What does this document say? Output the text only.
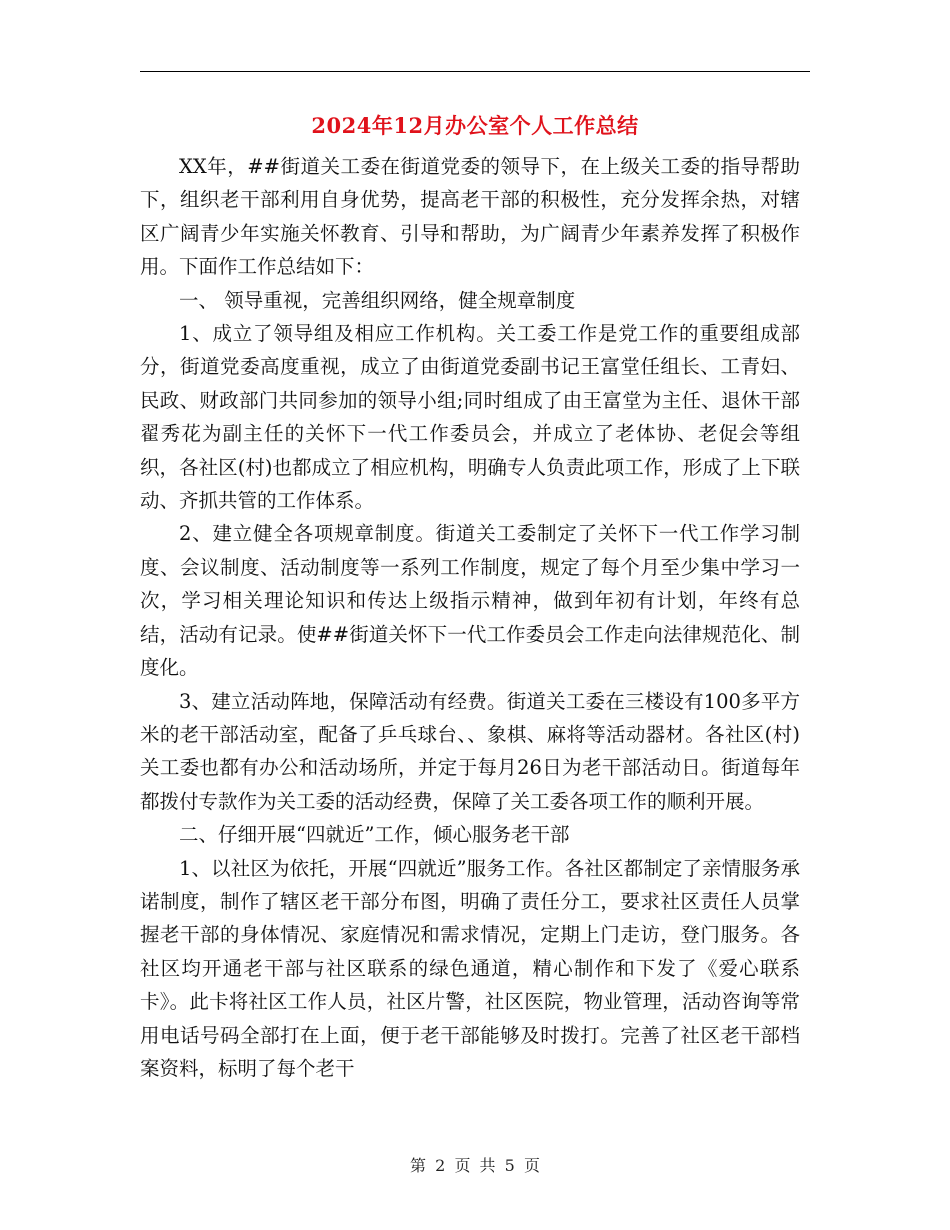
2024年12月办公室个人工作总结

XX年，##街道关工委在街道党委的领导下，在上级关工委的指导帮助下，组织老干部利用自身优势，提高老干部的积极性，充分发挥余热，对辖区广阔青少年实施关怀教育、引导和帮助，为广阔青少年素养发挥了积极作用。下面作工作总结如下：

一、 领导重视，完善组织网络，健全规章制度

1、成立了领导组及相应工作机构。关工委工作是党工作的重要组成部分，街道党委高度重视，成立了由街道党委副书记王富堂任组长、工青妇、民政、财政部门共同参加的领导小组;同时组成了由王富堂为主任、退休干部翟秀花为副主任的关怀下一代工作委员会，并成立了老体协、老促会等组织，各社区(村)也都成立了相应机构，明确专人负责此项工作，形成了上下联动、齐抓共管的工作体系。

2、建立健全各项规章制度。街道关工委制定了关怀下一代工作学习制度、会议制度、活动制度等一系列工作制度，规定了每个月至少集中学习一次，学习相关理论知识和传达上级指示精神，做到年初有计划，年终有总结，活动有记录。使##街道关怀下一代工作委员会工作走向法律规范化、制度化。

3、建立活动阵地，保障活动有经费。街道关工委在三楼设有100多平方米的老干部活动室，配备了乒乓球台、、象棋、麻将等活动器材。各社区(村)关工委也都有办公和活动场所，并定于每月26日为老干部活动日。街道每年都拨付专款作为关工委的活动经费，保障了关工委各项工作的顺利开展。

二、仔细开展“四就近”工作，倾心服务老干部

1、以社区为依托，开展“四就近”服务工作。各社区都制定了亲情服务承诺制度，制作了辖区老干部分布图，明确了责任分工，要求社区责任人员掌握老干部的身体情况、家庭情况和需求情况，定期上门走访，登门服务。各社区均开通老干部与社区联系的绿色通道，精心制作和下发了《爱心联系卡》。此卡将社区工作人员，社区片警，社区医院，物业管理，活动咨询等常用电话号码全部打在上面，便于老干部能够及时拨打。完善了社区老干部档案资料，标明了每个老干

第 2 页 共 5 页
